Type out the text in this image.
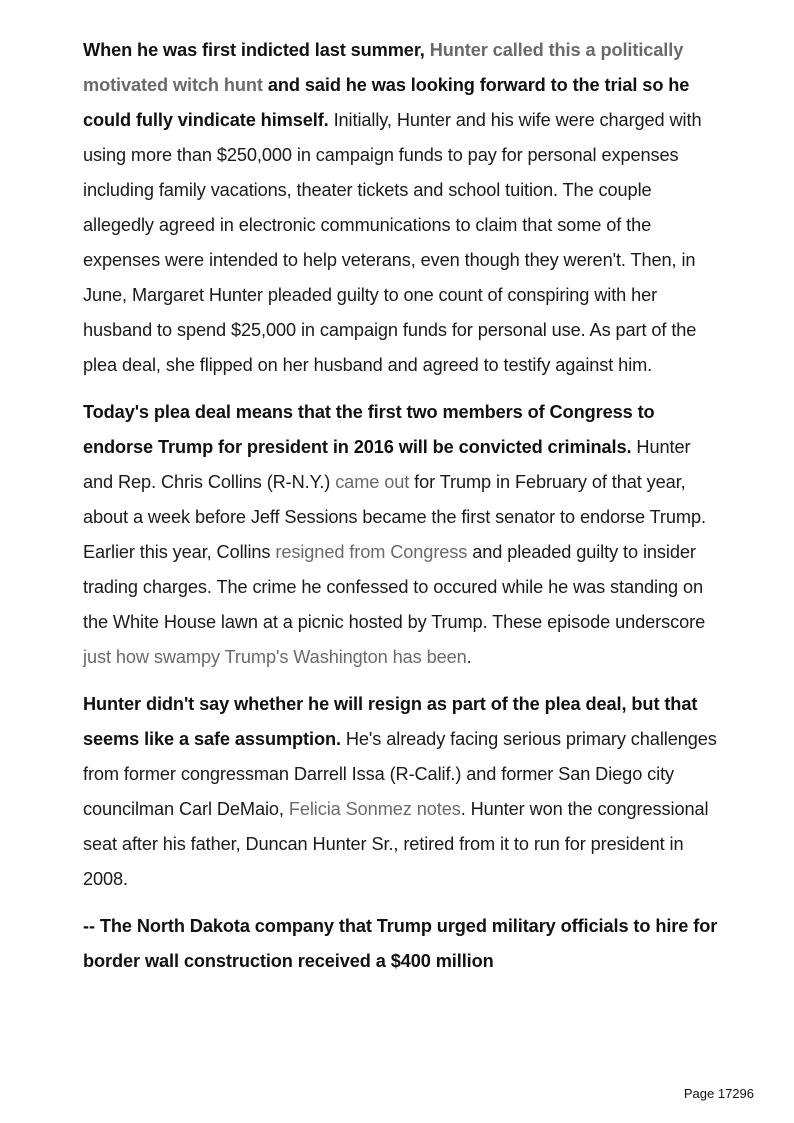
When he was first indicted last summer, Hunter called this a politically motivated witch hunt and said he was looking forward to the trial so he could fully vindicate himself. Initially, Hunter and his wife were charged with using more than $250,000 in campaign funds to pay for personal expenses including family vacations, theater tickets and school tuition. The couple allegedly agreed in electronic communications to claim that some of the expenses were intended to help veterans, even though they weren't. Then, in June, Margaret Hunter pleaded guilty to one count of conspiring with her husband to spend $25,000 in campaign funds for personal use. As part of the plea deal, she flipped on her husband and agreed to testify against him.

Today's plea deal means that the first two members of Congress to endorse Trump for president in 2016 will be convicted criminals. Hunter and Rep. Chris Collins (R-N.Y.) came out for Trump in February of that year, about a week before Jeff Sessions became the first senator to endorse Trump. Earlier this year, Collins resigned from Congress and pleaded guilty to insider trading charges. The crime he confessed to occured while he was standing on the White House lawn at a picnic hosted by Trump. These episode underscore just how swampy Trump's Washington has been.

Hunter didn't say whether he will resign as part of the plea deal, but that seems like a safe assumption. He's already facing serious primary challenges from former congressman Darrell Issa (R-Calif.) and former San Diego city councilman Carl DeMaio, Felicia Sonmez notes. Hunter won the congressional seat after his father, Duncan Hunter Sr., retired from it to run for president in 2008.

-- The North Dakota company that Trump urged military officials to hire for border wall construction received a $400 million

Page 17296
